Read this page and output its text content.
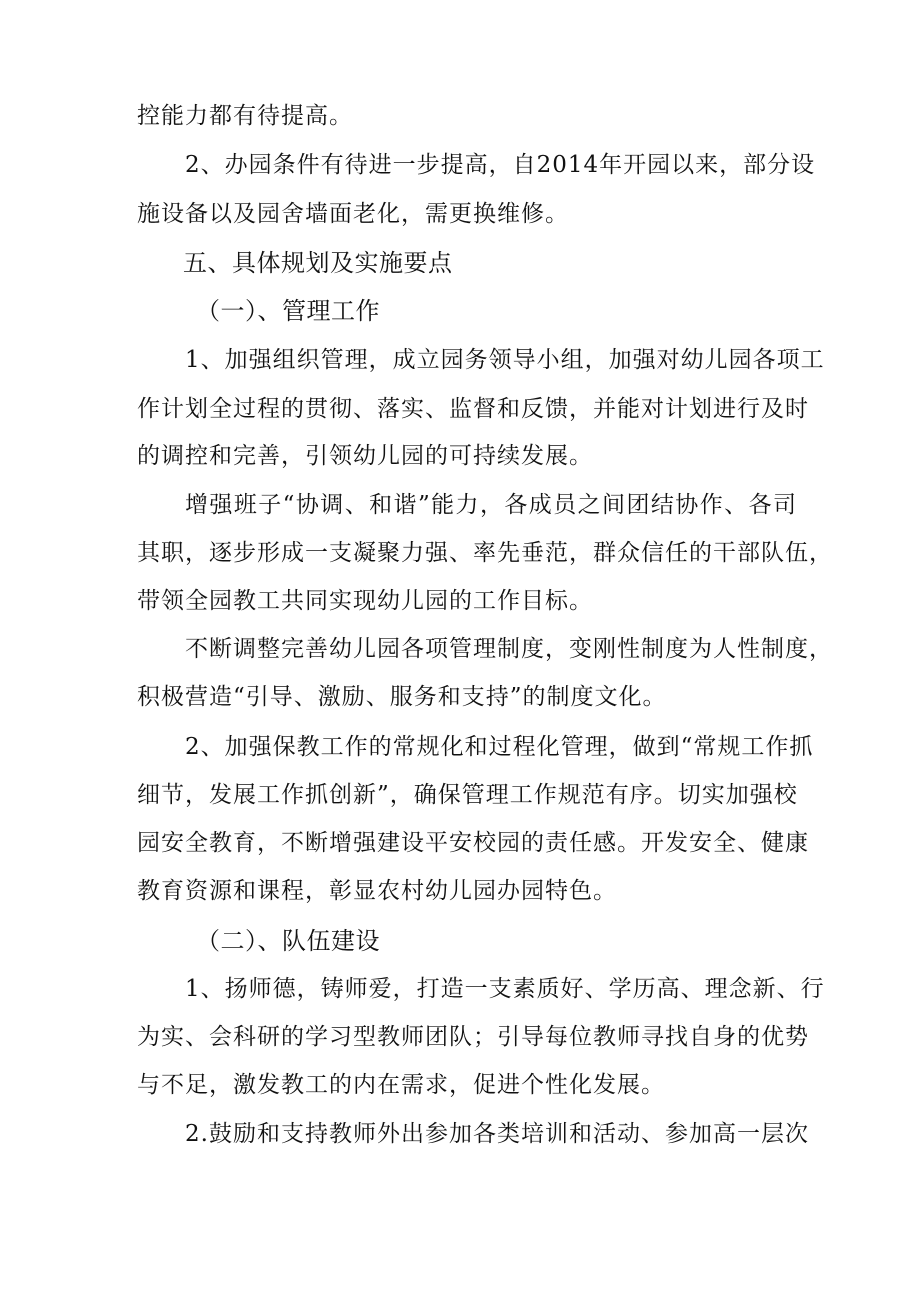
控能力都有待提高。
2、办园条件有待进一步提高，自2014年开园以来，部分设
施设备以及园舍墙面老化，需更换维修。
五、具体规划及实施要点
（一）、管理工作
1、加强组织管理，成立园务领导小组，加强对幼儿园各项工
作计划全过程的贯彻、落实、监督和反馈，并能对计划进行及时
的调控和完善，引领幼儿园的可持续发展。
增强班子“协调、和谐”能力，各成员之间团结协作、各司
其职，逐步形成一支凝聚力强、率先垂范，群众信任的干部队伍，
带领全园教工共同实现幼儿园的工作目标。
不断调整完善幼儿园各项管理制度，变刚性制度为人性制度，
积极营造“引导、激励、服务和支持”的制度文化。
2、加强保教工作的常规化和过程化管理，做到“常规工作抓
细节，发展工作抓创新”，确保管理工作规范有序。切实加强校
园安全教育，不断增强建设平安校园的责任感。开发安全、健康
教育资源和课程，彰显农村幼儿园办园特色。
（二）、队伍建设
1、扬师德，铸师爱，打造一支素质好、学历高、理念新、行
为实、会科研的学习型教师团队；引导每位教师寻找自身的优势
与不足，激发教工的内在需求，促进个性化发展。
2.鼓励和支持教师外出参加各类培训和活动、参加高一层次
